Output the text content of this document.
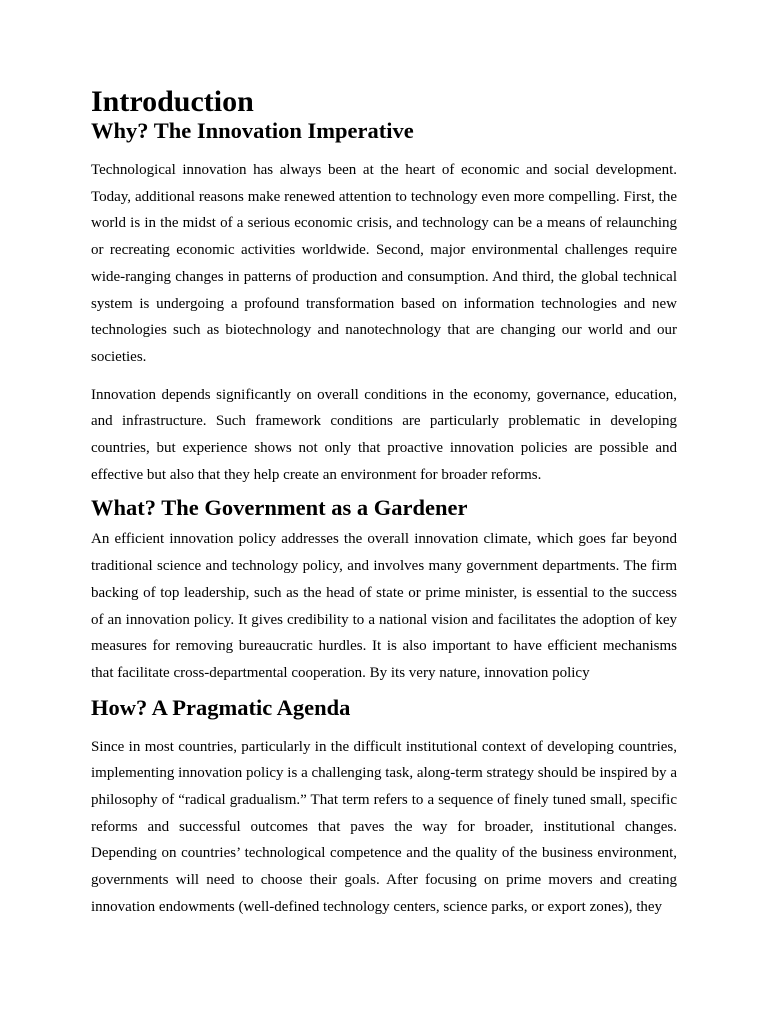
Introduction
Why? The Innovation Imperative

Technological innovation has always been at the heart of economic and social development. Today, additional reasons make renewed attention to technology even more compelling. First, the world is in the midst of a serious economic crisis, and technology can be a means of relaunching or recreating economic activities worldwide. Second, major environmental challenges require wide-ranging changes in patterns of production and consumption. And third, the global technical system is undergoing a profound transformation based on information technologies and new technologies such as biotechnology and nanotechnology that are changing our world and our societies.

Innovation depends significantly on overall conditions in the economy, governance, education, and infrastructure. Such framework conditions are particularly problematic in developing countries, but experience shows not only that proactive innovation policies are possible and effective but also that they help create an environment for broader reforms.

What? The Government as a Gardener

An efficient innovation policy addresses the overall innovation climate, which goes far beyond traditional science and technology policy, and involves many government departments. The firm backing of top leadership, such as the head of state or prime minister, is essential to the success of an innovation policy. It gives credibility to a national vision and facilitates the adoption of key measures for removing bureaucratic hurdles. It is also important to have efficient mechanisms that facilitate cross-departmental cooperation. By its very nature, innovation policy

How? A Pragmatic Agenda

Since in most countries, particularly in the difficult institutional context of developing countries, implementing innovation policy is a challenging task, along-term strategy should be inspired by a philosophy of “radical gradualism.” That term refers to a sequence of finely tuned small, specific reforms and successful outcomes that paves the way for broader, institutional changes. Depending on countries’ technological competence and the quality of the business environment, governments will need to choose their goals. After focusing on prime movers and creating innovation endowments (well-defined technology centers, science parks, or export zones), they
